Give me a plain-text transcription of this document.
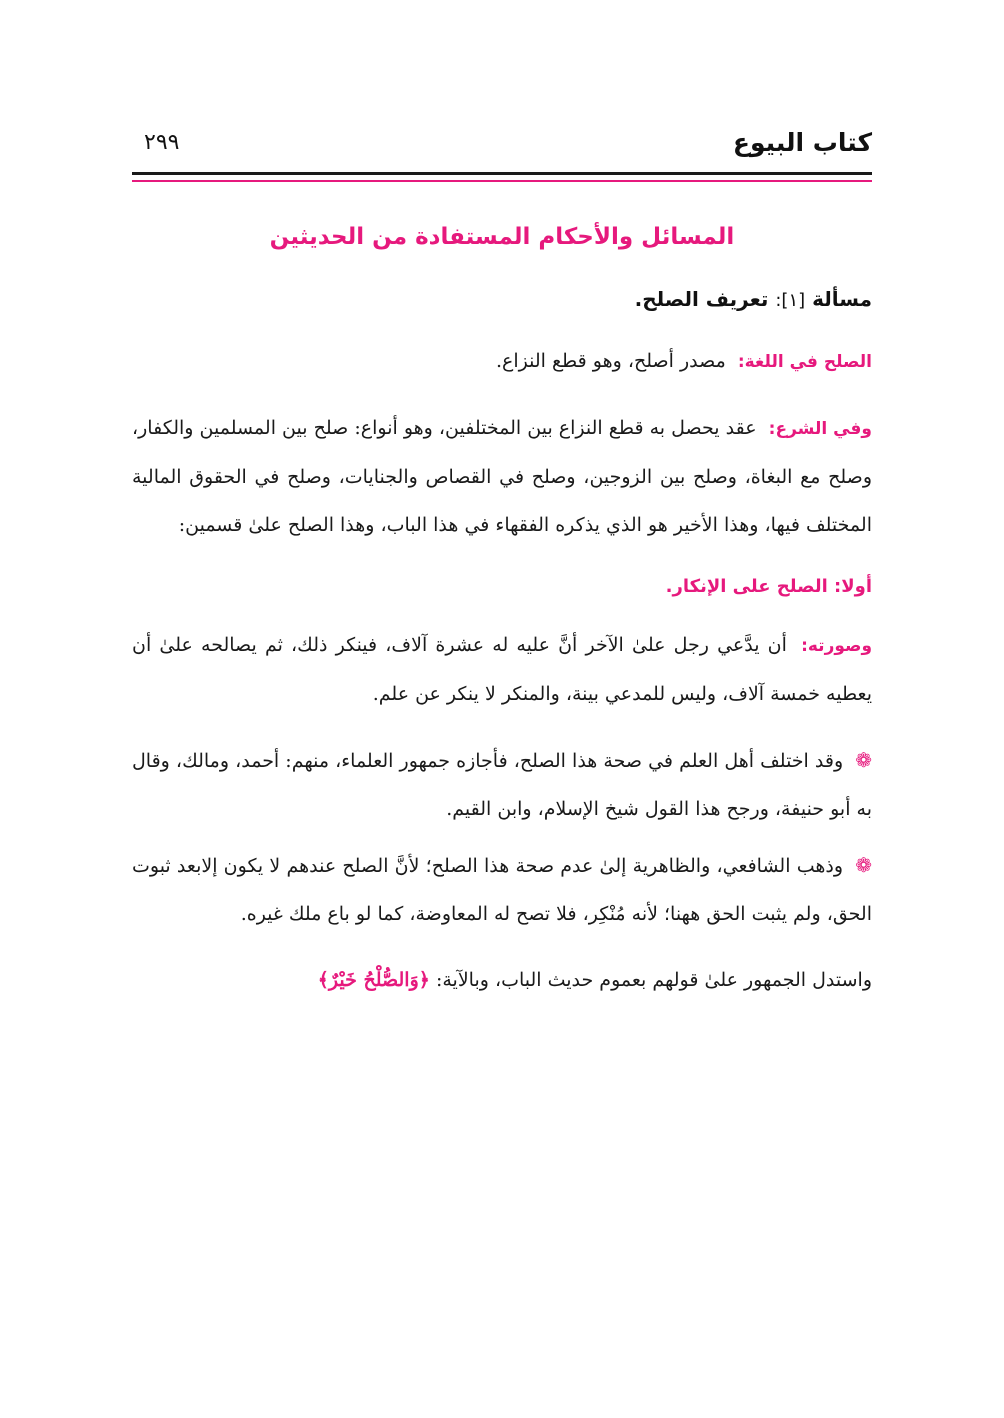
كتاب البيوع
٢٩٩
المسائل والأحكام المستفادة من الحديثين
مسألة [١]: تعريف الصلح.

الصلح في اللغة: مصدر أصلح، وهو قطع النزاع.

وفي الشرع: عقد يحصل به قطع النزاع بين المختلفين، وهو أنواع: صلح بين المسلمين والكفار، وصلح مع البغاة، وصلح بين الزوجين، وصلح في القصاص والجنايات، وصلح في الحقوق المالية المختلف فيها، وهذا الأخير هو الذي يذكره الفقهاء في هذا الباب، وهذا الصلح علىٰ قسمين:

أولا: الصلح على الإنكار.

وصورته: أن يدَّعي رجل علىٰ الآخر أنَّ عليه له عشرة آلاف، فينكر ذلك، ثم يصالحه علىٰ أن يعطيه خمسة آلاف، وليس للمدعي بينة، والمنكر لا ينكر عن علم.

❁ وقد اختلف أهل العلم في صحة هذا الصلح، فأجازه جمهور العلماء، منهم: أحمد، ومالك، وقال به أبو حنيفة، ورجح هذا القول شيخ الإسلام، وابن القيم.

❁ وذهب الشافعي، والظاهرية إلىٰ عدم صحة هذا الصلح؛ لأنَّ الصلح عندهم لا يكون إلابعد ثبوت الحق، ولم يثبت الحق ههنا؛ لأنه مُنْكِر، فلا تصح له المعاوضة، كما لو باع ملك غيره.

واستدل الجمهور علىٰ قولهم بعموم حديث الباب، وبالآية: ﴿وَالصُّلْحُ خَيْرٌ﴾
